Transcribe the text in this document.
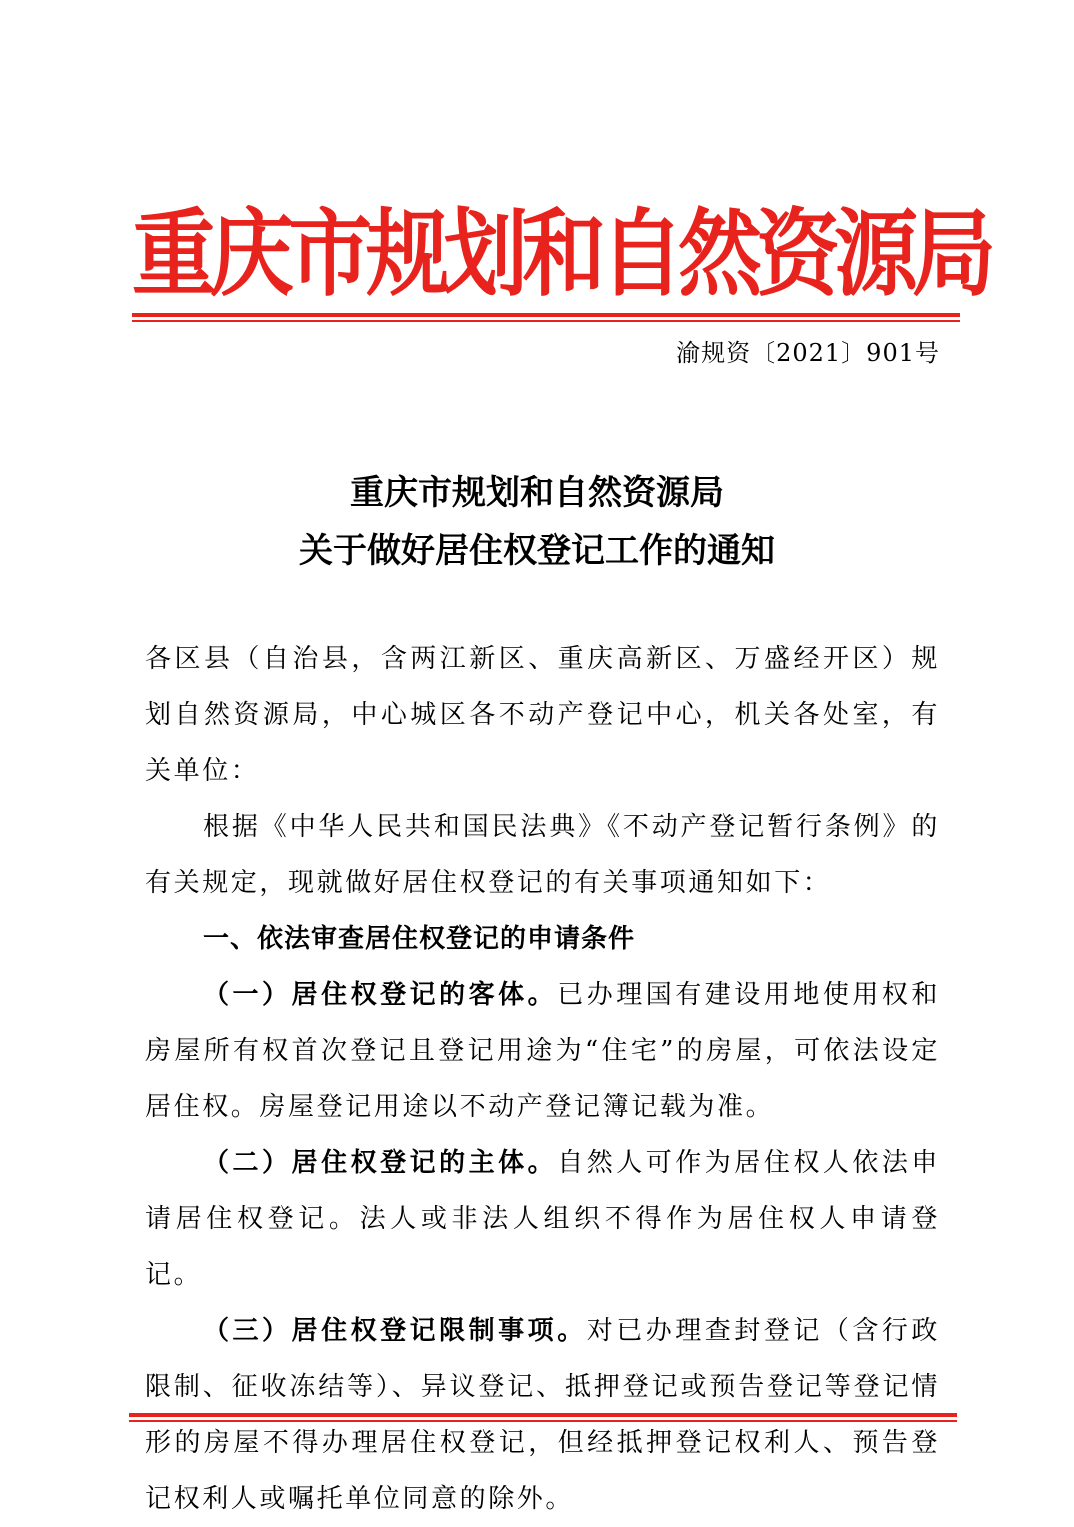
重庆市规划和自然资源局
渝规资〔2021〕901号
重庆市规划和自然资源局
关于做好居住权登记工作的通知

各区县（自治县，含两江新区、重庆高新区、万盛经开区）规划自然资源局，中心城区各不动产登记中心，机关各处室，有关单位：

根据《中华人民共和国民法典》《不动产登记暂行条例》的有关规定，现就做好居住权登记的有关事项通知如下：

一、依法审查居住权登记的申请条件

（一）居住权登记的客体。已办理国有建设用地使用权和房屋所有权首次登记且登记用途为“住宅”的房屋，可依法设定居住权。房屋登记用途以不动产登记簿记载为准。

（二）居住权登记的主体。自然人可作为居住权人依法申请居住权登记。法人或非法人组织不得作为居住权人申请登记。

（三）居住权登记限制事项。对已办理查封登记（含行政限制、征收冻结等）、异议登记、抵押登记或预告登记等登记情形的房屋不得办理居住权登记，但经抵押登记权利人、预告登记权利人或嘱托单位同意的除外。
